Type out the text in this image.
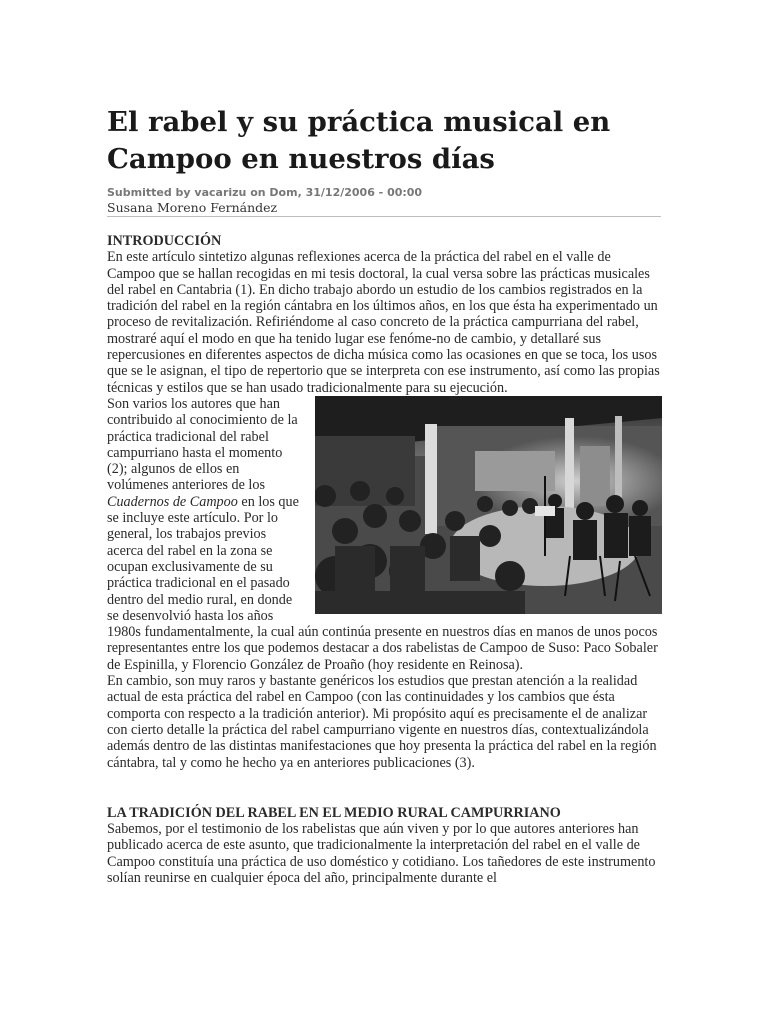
El rabel y su práctica musical en Campoo en nuestros días
Submitted by vacarizu on Dom, 31/12/2006 - 00:00
Susana Moreno Fernández

INTRODUCCIÓN

En este artículo sintetizo algunas reflexiones acerca de la práctica del rabel en el valle de Campoo que se hallan recogidas en mi tesis doctoral, la cual versa sobre las prácticas musicales del rabel en Cantabria (1). En dicho trabajo abordo un estudio de los cambios registrados en la tradición del rabel en la región cántabra en los últimos años, en los que ésta ha experimentado un proceso de revitalización. Refiriéndome al caso concreto de la práctica campurriana del rabel, mostraré aquí el modo en que ha tenido lugar ese fenóme-no de cambio, y detallaré sus repercusiones en diferentes aspectos de dicha música como las ocasiones en que se toca, los usos que se le asignan, el tipo de repertorio que se interpreta con ese instrumento, así como las propias técnicas y estilos que se han usado tradicionalmente para su ejecución.

Son varios los autores que han contribuido al conocimiento de la práctica tradicional del rabel campurriano hasta el momento (2); algunos de ellos en volúmenes anteriores de los Cuadernos de Campoo en los que se incluye este artículo. Por lo general, los trabajos previos acerca del rabel en la zona se ocupan exclusivamente de su práctica tradicional en el pasado dentro del medio rural, en donde se desenvolvió hasta los años 1980s fundamentalmente, la cual aún continúa presente en nuestros días en manos de unos pocos representantes entre los que podemos destacar a dos rabelistas de Campoo de Suso: Paco Sobaler de Espinilla, y Florencio González de Proaño (hoy residente en Reinosa).

En cambio, son muy raros y bastante genéricos los estudios que prestan atención a la realidad actual de esta práctica del rabel en Campoo (con las continuidades y los cambios que ésta comporta con respecto a la tradición anterior). Mi propósito aquí es precisamente el de analizar con cierto detalle la práctica del rabel campurriano vigente en nuestros días, contextualizándola además dentro de las distintas manifestaciones que hoy presenta la práctica del rabel en la región cántabra, tal y como he hecho ya en anteriores publicaciones (3).

LA TRADICIÓN DEL RABEL EN EL MEDIO RURAL CAMPURRIANO

Sabemos, por el testimonio de los rabelistas que aún viven y por lo que autores anteriores han publicado acerca de este asunto, que tradicionalmente la interpretación del rabel en el valle de Campoo constituía una práctica de uso doméstico y cotidiano. Los tañedores de este instrumento solían reunirse en cualquier época del año, principalmente durante el
